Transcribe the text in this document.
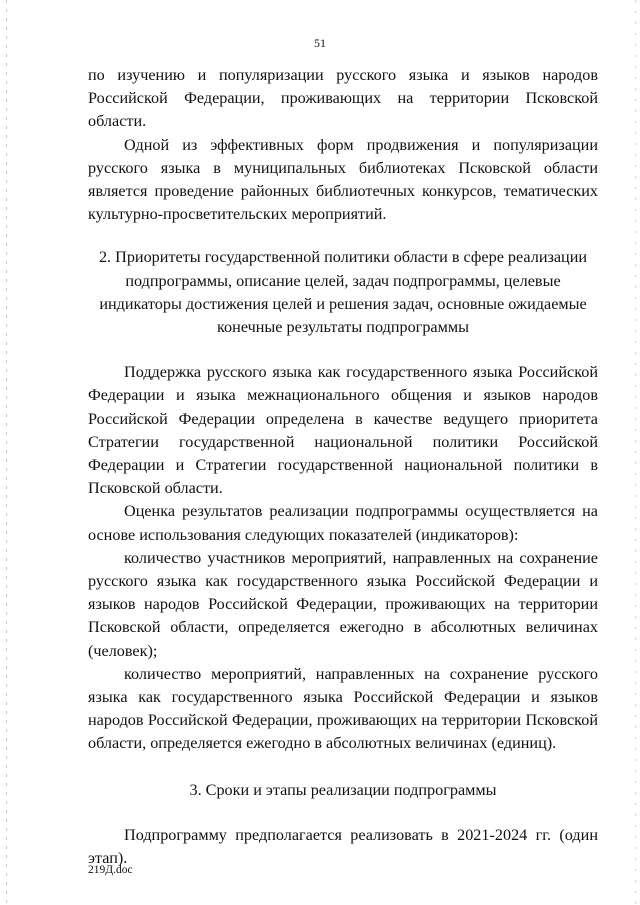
51

по изучению и популяризации русского языка и языков народов Российской Федерации, проживающих на территории Псковской области.

Одной из эффективных форм продвижения и популяризации русского языка в муниципальных библиотеках Псковской области является проведение районных библиотечных конкурсов, тематических культурно-просветительских мероприятий.

2. Приоритеты государственной политики области в сфере реализации подпрограммы, описание целей, задач подпрограммы, целевые индикаторы достижения целей и решения задач, основные ожидаемые конечные результаты подпрограммы

Поддержка русского языка как государственного языка Российской Федерации и языка межнационального общения и языков народов Российской Федерации определена в качестве ведущего приоритета Стратегии государственной национальной политики Российской Федерации и Стратегии государственной национальной политики в Псковской области.

Оценка результатов реализации подпрограммы осуществляется на основе использования следующих показателей (индикаторов):

количество участников мероприятий, направленных на сохранение русского языка как государственного языка Российской Федерации и языков народов Российской Федерации, проживающих на территории Псковской области, определяется ежегодно в абсолютных величинах (человек);

количество мероприятий, направленных на сохранение русского языка как государственного языка Российской Федерации и языков народов Российской Федерации, проживающих на территории Псковской области, определяется ежегодно в абсолютных величинах (единиц).

3. Сроки и этапы реализации подпрограммы

Подпрограмму предполагается реализовать в 2021-2024 гг. (один этап).

219Д.doc
